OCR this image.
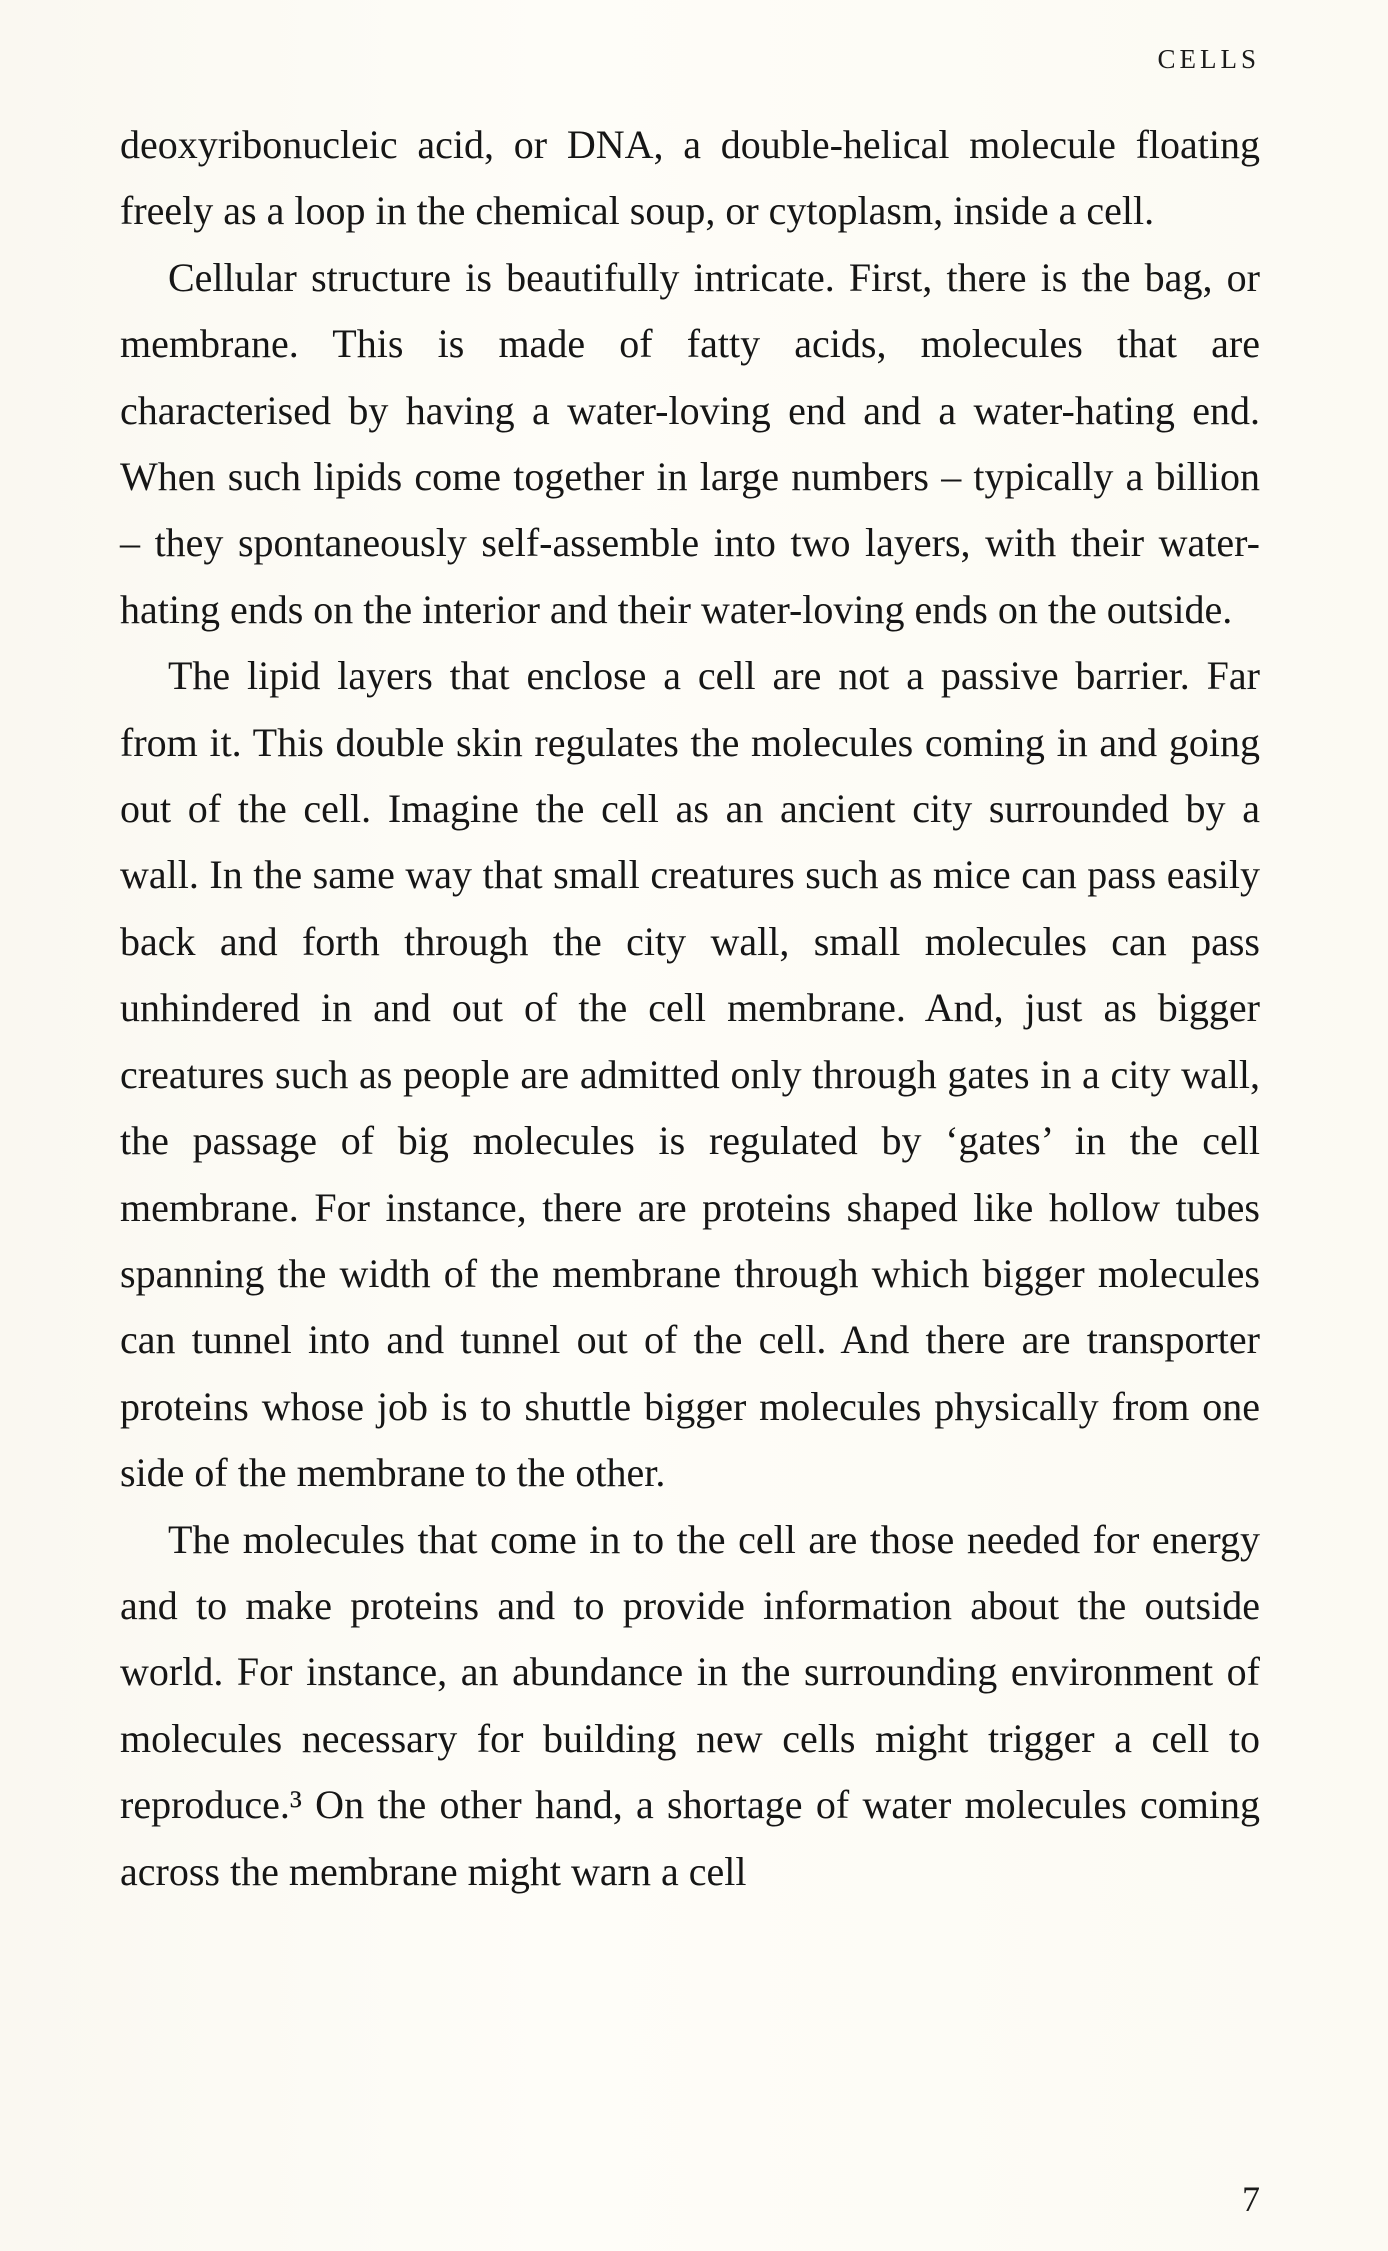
CELLS

deoxyribonucleic acid, or DNA, a double-helical molecule floating freely as a loop in the chemical soup, or cytoplasm, inside a cell.

Cellular structure is beautifully intricate. First, there is the bag, or membrane. This is made of fatty acids, molecules that are characterised by having a water-loving end and a water-hating end. When such lipids come together in large numbers – typically a billion – they spontaneously self-assemble into two layers, with their water-hating ends on the interior and their water-loving ends on the outside.

The lipid layers that enclose a cell are not a passive barrier. Far from it. This double skin regulates the molecules coming in and going out of the cell. Imagine the cell as an ancient city surrounded by a wall. In the same way that small creatures such as mice can pass easily back and forth through the city wall, small molecules can pass unhindered in and out of the cell membrane. And, just as bigger creatures such as people are admitted only through gates in a city wall, the passage of big molecules is regulated by ‘gates’ in the cell membrane. For instance, there are proteins shaped like hollow tubes spanning the width of the membrane through which bigger molecules can tunnel into and tunnel out of the cell. And there are transporter proteins whose job is to shuttle bigger molecules physically from one side of the membrane to the other.

The molecules that come in to the cell are those needed for energy and to make proteins and to provide information about the outside world. For instance, an abundance in the surrounding environment of molecules necessary for building new cells might trigger a cell to reproduce.³ On the other hand, a shortage of water molecules coming across the membrane might warn a cell

7
